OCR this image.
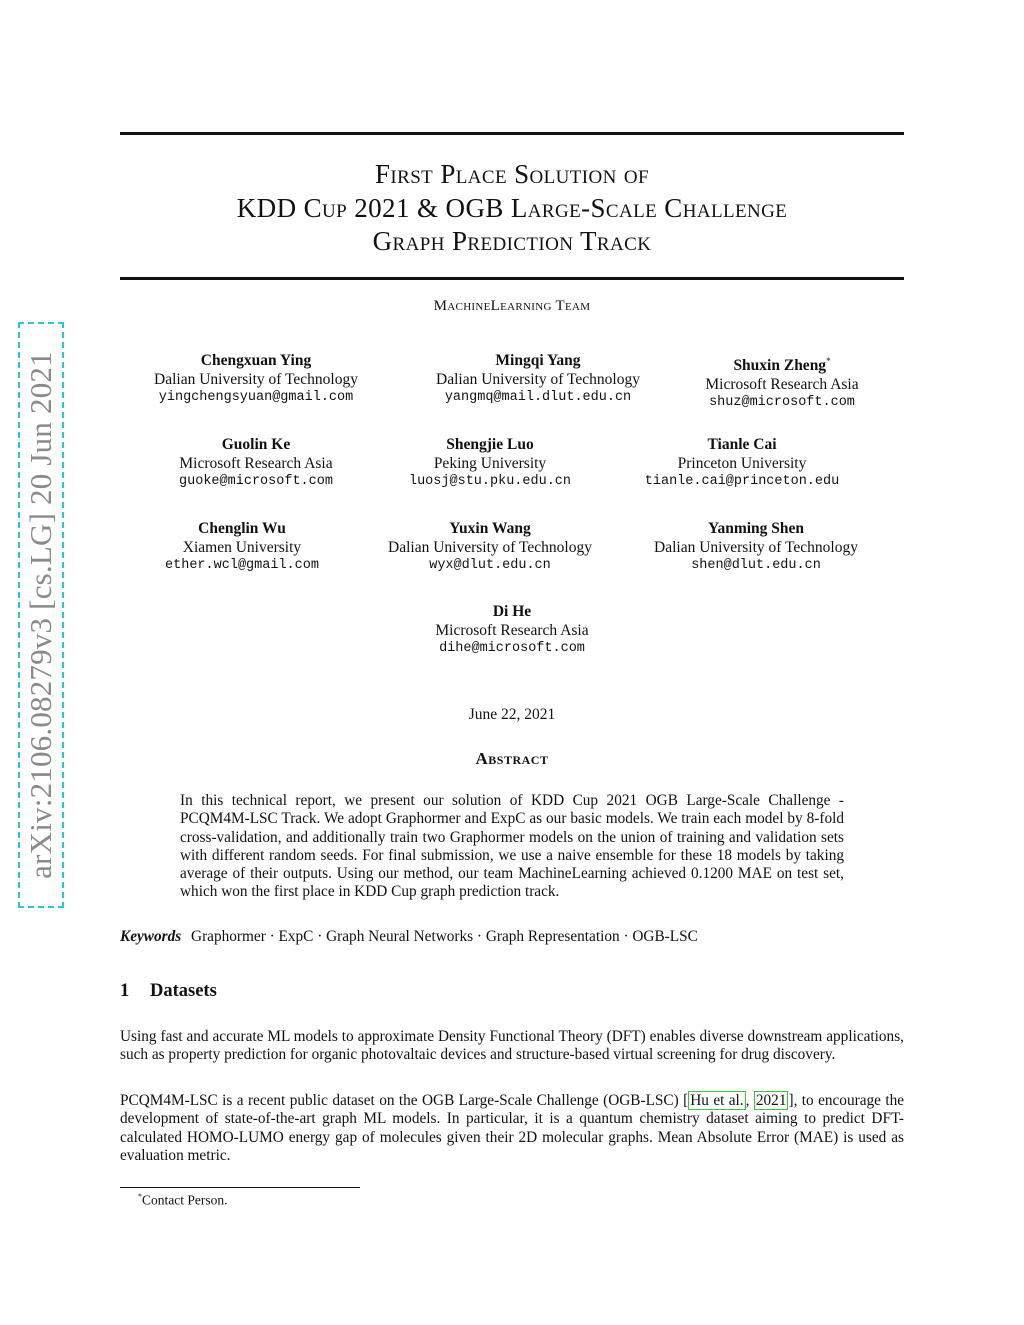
arXiv:2106.08279v3 [cs.LG] 20 Jun 2021
First Place Solution of
KDD Cup 2021 & OGB Large-Scale Challenge
Graph Prediction Track
MachineLearning Team
Chengxuan Ying
Dalian University of Technology
yingchengsyuan@gmail.com
Mingqi Yang
Dalian University of Technology
yangmq@mail.dlut.edu.cn
Shuxin Zheng*
Microsoft Research Asia
shuz@microsoft.com
Guolin Ke
Microsoft Research Asia
guoke@microsoft.com
Shengjie Luo
Peking University
luosj@stu.pku.edu.cn
Tianle Cai
Princeton University
tianle.cai@princeton.edu
Chenglin Wu
Xiamen University
ether.wcl@gmail.com
Yuxin Wang
Dalian University of Technology
wyx@dlut.edu.cn
Yanming Shen
Dalian University of Technology
shen@dlut.edu.cn
Di He
Microsoft Research Asia
dihe@microsoft.com
June 22, 2021
Abstract

In this technical report, we present our solution of KDD Cup 2021 OGB Large-Scale Challenge - PCQM4M-LSC Track. We adopt Graphormer and ExpC as our basic models. We train each model by 8-fold cross-validation, and additionally train two Graphormer models on the union of training and validation sets with different random seeds. For final submission, we use a naive ensemble for these 18 models by taking average of their outputs. Using our method, our team MachineLearning achieved 0.1200 MAE on test set, which won the first place in KDD Cup graph prediction track.

Keywords Graphormer · ExpC · Graph Neural Networks · Graph Representation · OGB-LSC
1 Datasets

Using fast and accurate ML models to approximate Density Functional Theory (DFT) enables diverse downstream applications, such as property prediction for organic photovaltaic devices and structure-based virtual screening for drug discovery.

PCQM4M-LSC is a recent public dataset on the OGB Large-Scale Challenge (OGB-LSC) [ Hu et al. , 2021 ], to encourage the development of state-of-the-art graph ML models. In particular, it is a quantum chemistry dataset aiming to predict DFT-calculated HOMO-LUMO energy gap of molecules given their 2D molecular graphs. Mean Absolute Error (MAE) is used as evaluation metric.

*Contact Person.
